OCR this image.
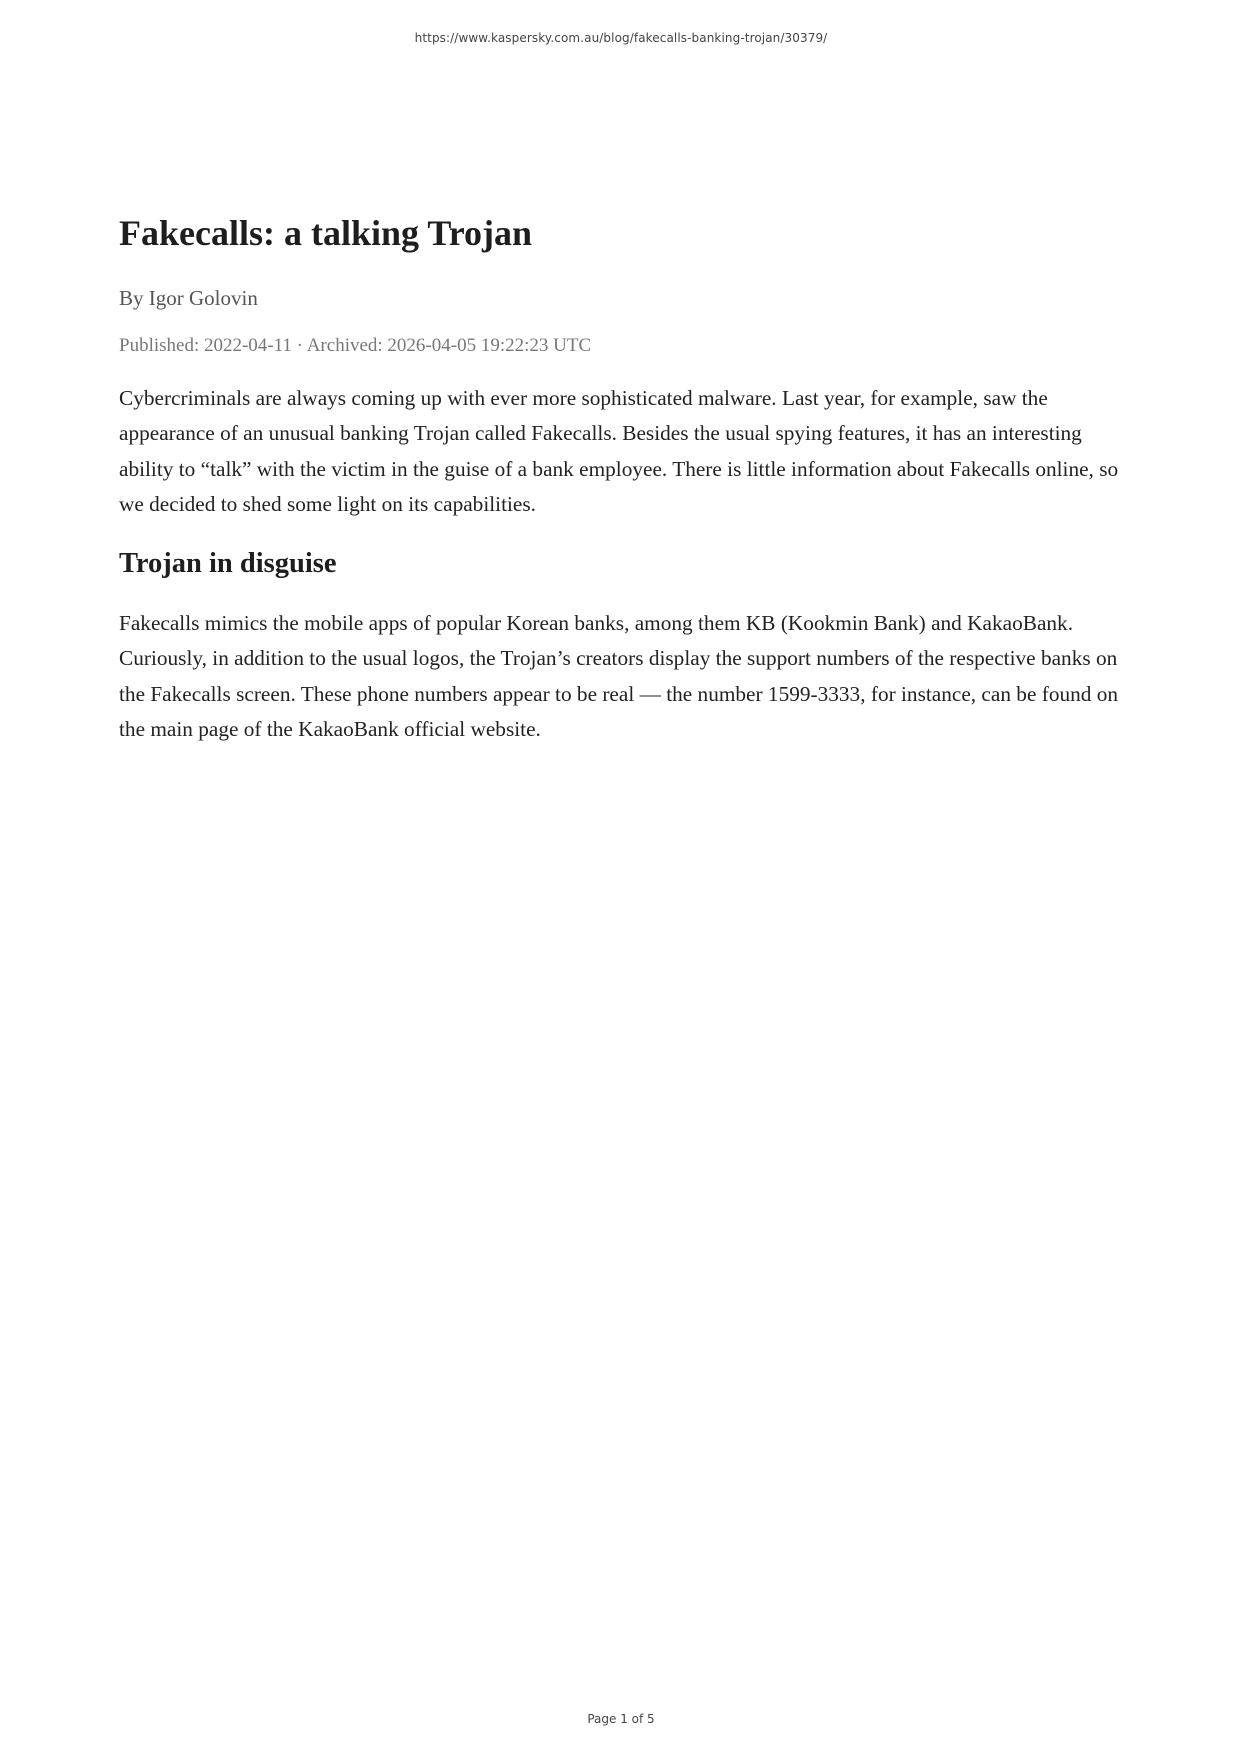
https://www.kaspersky.com.au/blog/fakecalls-banking-trojan/30379/
Fakecalls: a talking Trojan

By Igor Golovin

Published: 2022-04-11 · Archived: 2026-04-05 19:22:23 UTC

Cybercriminals are always coming up with ever more sophisticated malware. Last year, for example, saw the appearance of an unusual banking Trojan called Fakecalls. Besides the usual spying features, it has an interesting ability to “talk” with the victim in the guise of a bank employee. There is little information about Fakecalls online, so we decided to shed some light on its capabilities.

Trojan in disguise

Fakecalls mimics the mobile apps of popular Korean banks, among them KB (Kookmin Bank) and KakaoBank. Curiously, in addition to the usual logos, the Trojan’s creators display the support numbers of the respective banks on the Fakecalls screen. These phone numbers appear to be real — the number 1599-3333, for instance, can be found on the main page of the KakaoBank official website.

Page 1 of 5
